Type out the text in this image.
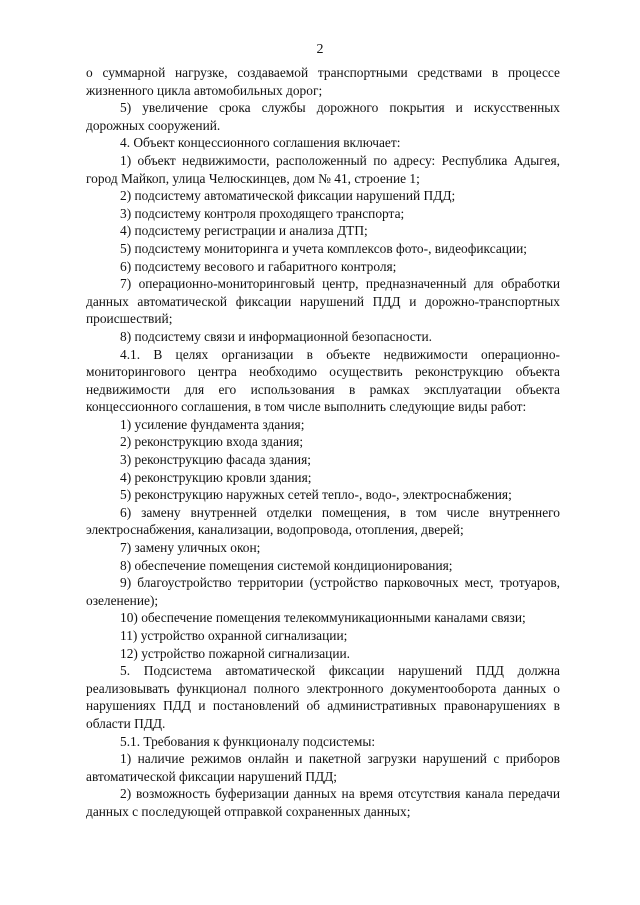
2

о суммарной нагрузке, создаваемой транспортными средствами в процессе жизненного цикла автомобильных дорог;

5) увеличение срока службы дорожного покрытия и искусственных дорожных сооружений.

4. Объект концессионного соглашения включает:

1) объект недвижимости, расположенный по адресу: Республика Адыгея, город Майкоп, улица Челюскинцев, дом № 41, строение 1;

2) подсистему автоматической фиксации нарушений ПДД;

3) подсистему контроля проходящего транспорта;

4) подсистему регистрации и анализа ДТП;

5) подсистему мониторинга и учета комплексов фото-, видеофиксации;

6) подсистему весового и габаритного контроля;

7) операционно-мониторинговый центр, предназначенный для обработки данных автоматической фиксации нарушений ПДД и дорожно-транспортных происшествий;

8) подсистему связи и информационной безопасности.

4.1. В целях организации в объекте недвижимости операционно-мониторингового центра необходимо осуществить реконструкцию объекта недвижимости для его использования в рамках эксплуатации объекта концессионного соглашения, в том числе выполнить следующие виды работ:

1) усиление фундамента здания;

2) реконструкцию входа здания;

3) реконструкцию фасада здания;

4) реконструкцию кровли здания;

5) реконструкцию наружных сетей тепло-, водо-, электроснабжения;

6) замену внутренней отделки помещения, в том числе внутреннего электроснабжения, канализации, водопровода, отопления, дверей;

7) замену уличных окон;

8) обеспечение помещения системой кондиционирования;

9) благоустройство территории (устройство парковочных мест, тротуаров, озеленение);

10) обеспечение помещения телекоммуникационными каналами связи;

11) устройство охранной сигнализации;

12) устройство пожарной сигнализации.

5. Подсистема автоматической фиксации нарушений ПДД должна реализовывать функционал полного электронного документооборота данных о нарушениях ПДД и постановлений об административных правонарушениях в области ПДД.

5.1. Требования к функционалу подсистемы:

1) наличие режимов онлайн и пакетной загрузки нарушений с приборов автоматической фиксации нарушений ПДД;

2) возможность буферизации данных на время отсутствия канала передачи данных с последующей отправкой сохраненных данных;
